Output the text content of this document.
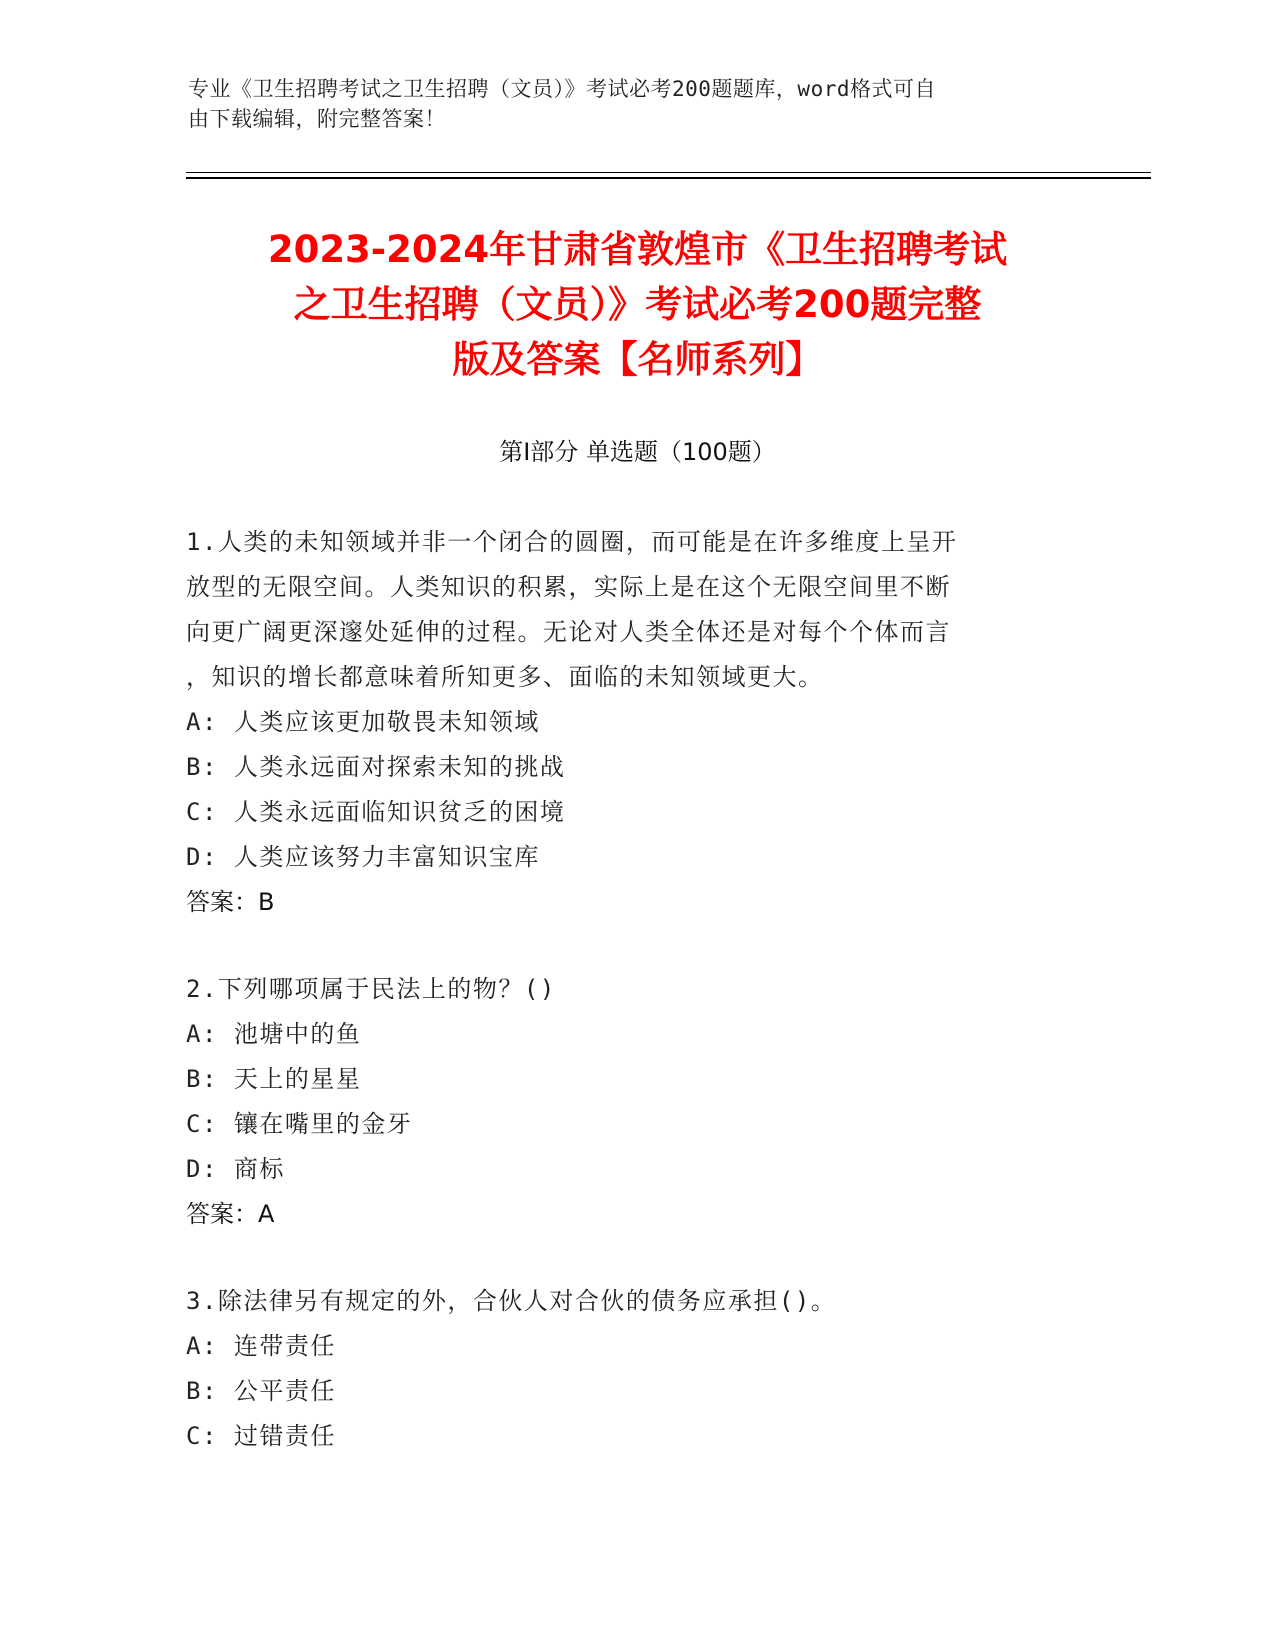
专业《卫生招聘考试之卫生招聘（文员）》考试必考200题题库，word格式可自
由下载编辑，附完整答案！
2023-2024年甘肃省敦煌市《卫生招聘考试
之卫生招聘（文员）》考试必考200题完整
版及答案【名师系列】
第I部分 单选题（100题）
1.人类的未知领域并非一个闭合的圆圈，而可能是在许多维度上呈开
放型的无限空间。人类知识的积累，实际上是在这个无限空间里不断
向更广阔更深邃处延伸的过程。无论对人类全体还是对每个个体而言
，知识的增长都意味着所知更多、面临的未知领域更大。
A: 人类应该更加敬畏未知领域
B: 人类永远面对探索未知的挑战
C: 人类永远面临知识贫乏的困境
D: 人类应该努力丰富知识宝库
答案：B
2.下列哪项属于民法上的物？()
A: 池塘中的鱼
B: 天上的星星
C: 镶在嘴里的金牙
D: 商标
答案：A
3.除法律另有规定的外，合伙人对合伙的债务应承担()。
A: 连带责任
B: 公平责任
C: 过错责任
